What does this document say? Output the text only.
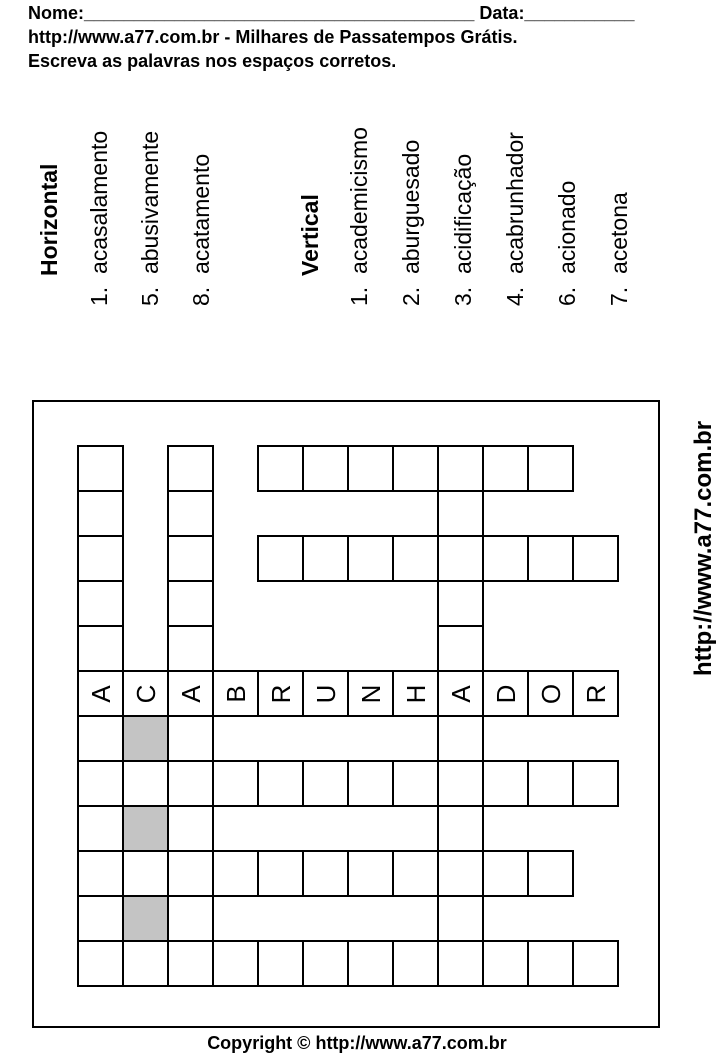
Nome:_______________________________________ Data:___________
http://www.a77.com.br - Milhares de Passatempos Grátis.
Escreva as palavras nos espaços corretos.
Horizontal 1.  acasalamento 5.  abusivamente 8.  acatamento	Vertical 1.  academicismo 2.  aburguesado 3.  acidificação 4.  acabrunhador 6.  acionado 7.  acetona
A A
C	A
B R U N H D O R
http://www.a77.com.br
Copyright © http://www.a77.com.br
